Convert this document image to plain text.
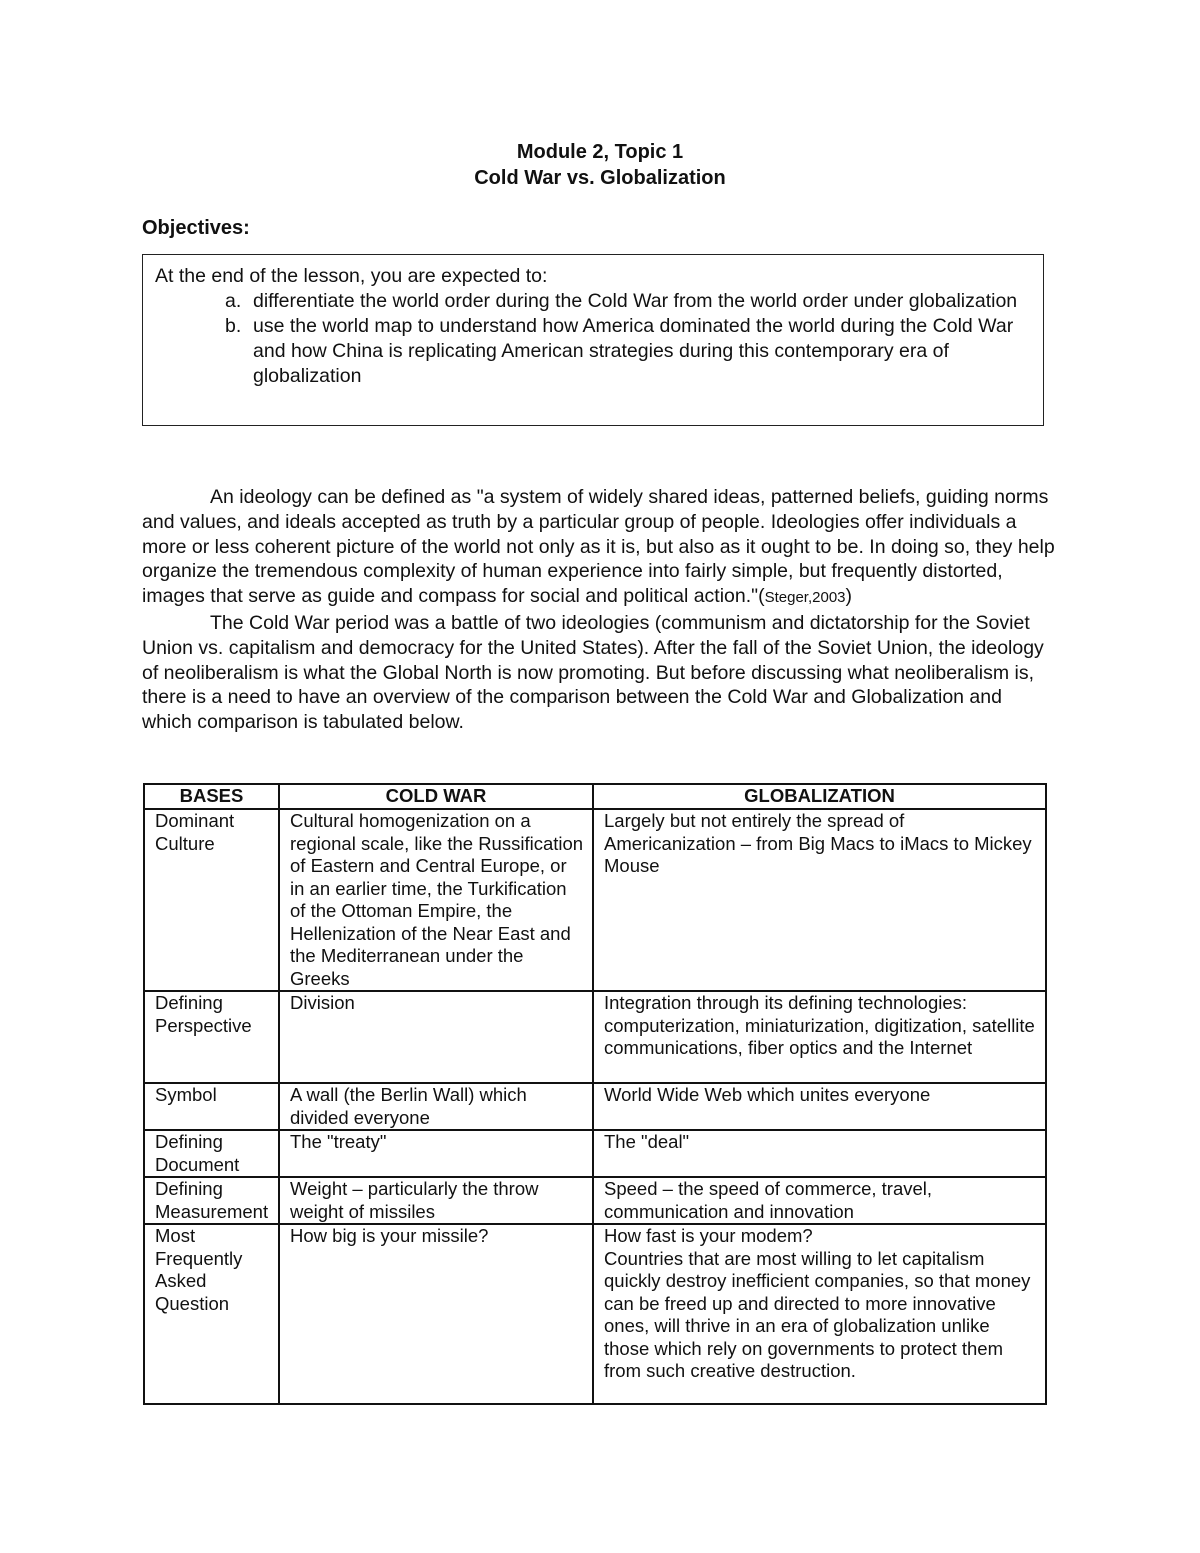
Module 2, Topic 1
Cold War vs. Globalization
Objectives:
At the end of the lesson, you are expected to:
a. differentiate the world order during the Cold War from the world order under globalization
b. use the world map to understand how America dominated the world during the Cold War and how China is replicating American strategies during this contemporary era of globalization

An ideology can be defined as "a system of widely shared ideas, patterned beliefs, guiding norms and values, and ideals accepted as truth by a particular group of people. Ideologies offer individuals a more or less coherent picture of the world not only as it is, but also as it ought to be. In doing so, they help organize the tremendous complexity of human experience into fairly simple, but frequently distorted, images that serve as guide and compass for social and political action."(Steger,2003)

The Cold War period was a battle of two ideologies (communism and dictatorship for the Soviet Union vs. capitalism and democracy for the United States). After the fall of the Soviet Union, the ideology of neoliberalism is what the Global North is now promoting. But before discussing what neoliberalism is, there is a need to have an overview of the comparison between the Cold War and Globalization and which comparison is tabulated below.

BASES	COLD WAR	GLOBALIZATION
Dominant Culture	Cultural homogenization on a regional scale, like the Russification of Eastern and Central Europe, or in an earlier time, the Turkification of the Ottoman Empire, the Hellenization of the Near East and the Mediterranean under the Greeks	Largely but not entirely the spread of Americanization – from Big Macs to iMacs to Mickey Mouse
Defining Perspective	Division	Integration through its defining technologies: computerization, miniaturization, digitization, satellite communications, fiber optics and the Internet
Symbol	A wall (the Berlin Wall) which divided everyone	World Wide Web which unites everyone
Defining Document	The "treaty"	The "deal"
Defining Measurement	Weight – particularly the throw weight of missiles	Speed – the speed of commerce, travel, communication and innovation
Most Frequently Asked Question	How big is your missile?	How fast is your modem?
Countries that are most willing to let capitalism quickly destroy inefficient companies, so that money can be freed up and directed to more innovative ones, will thrive in an era of globalization unlike those which rely on governments to protect them from such creative destruction.
